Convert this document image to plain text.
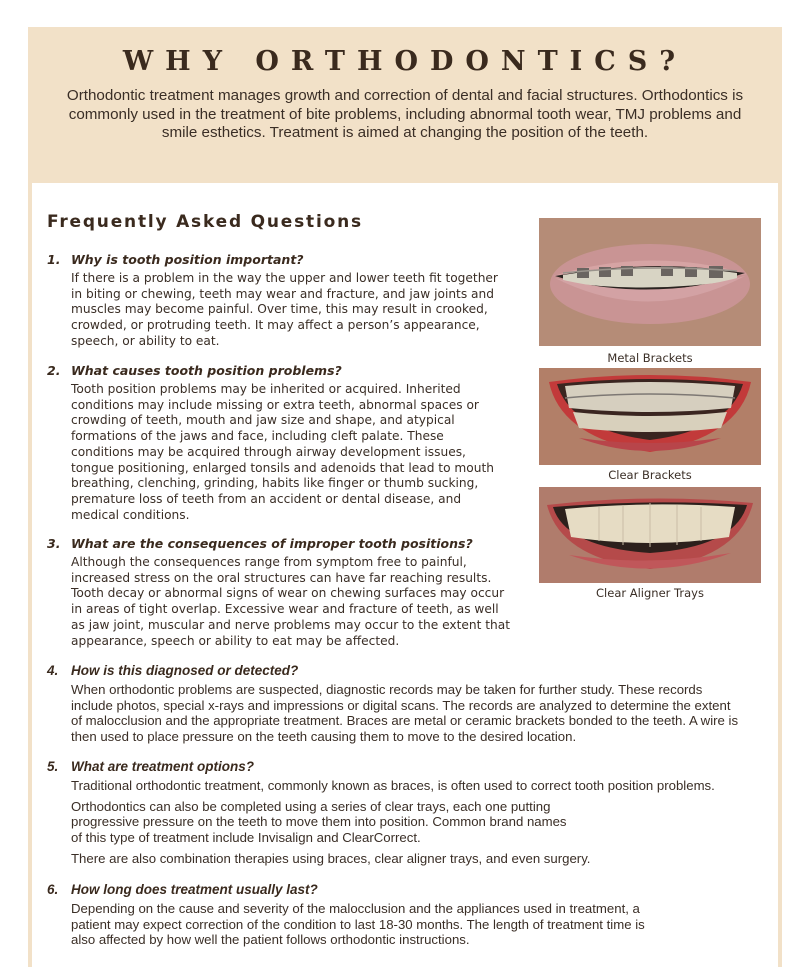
WHY ORTHODONTICS?

Orthodontic treatment manages growth and correction of dental and facial structures. Orthodontics is commonly used in the treatment of bite problems, including abnormal tooth wear, TMJ problems and smile esthetics. Treatment is aimed at changing the position of the teeth.

Frequently Asked Questions
1. Why is tooth position important?

If there is a problem in the way the upper and lower teeth fit together in biting or chewing, teeth may wear and fracture, and jaw joints and muscles may become painful. Over time, this may result in crooked, crowded, or protruding teeth. It may affect a person’s appearance, speech, or ability to eat.

2. What causes tooth position problems?

Tooth position problems may be inherited or acquired. Inherited conditions may include missing or extra teeth, abnormal spaces or crowding of teeth, mouth and jaw size and shape, and atypical formations of the jaws and face, including cleft palate. These conditions may be acquired through airway development issues, tongue positioning, enlarged tonsils and adenoids that lead to mouth breathing, clenching, grinding, habits like finger or thumb sucking, premature loss of teeth from an accident or dental disease, and medical conditions.

3. What are the consequences of improper tooth positions?

Although the consequences range from symptom free to painful, increased stress on the oral structures can have far reaching results. Tooth decay or abnormal signs of wear on chewing surfaces may occur in areas of tight overlap. Excessive wear and fracture of teeth, as well as jaw joint, muscular and nerve problems may occur to the extent that appearance, speech or ability to eat may be affected.

4. How is this diagnosed or detected?

When orthodontic problems are suspected, diagnostic records may be taken for further study. These records include photos, special x-rays and impressions or digital scans. The records are analyzed to determine the extent of malocclusion and the appropriate treatment. Braces are metal or ceramic brackets bonded to the teeth. A wire is then used to place pressure on the teeth causing them to move to the desired location.

5. What are treatment options?

Traditional orthodontic treatment, commonly known as braces, is often used to correct tooth position problems.

Orthodontics can also be completed using a series of clear trays, each one putting progressive pressure on the teeth to move them into position. Common brand names of this type of treatment include Invisalign and ClearCorrect.

There are also combination therapies using braces, clear aligner trays, and even surgery.

6. How long does treatment usually last?

Depending on the cause and severity of the malocclusion and the appliances used in treatment, a patient may expect correction of the condition to last 18-30 months. The length of treatment time is also affected by how well the patient follows orthodontic instructions.

Metal Brackets
Clear Brackets
Clear Aligner Trays
